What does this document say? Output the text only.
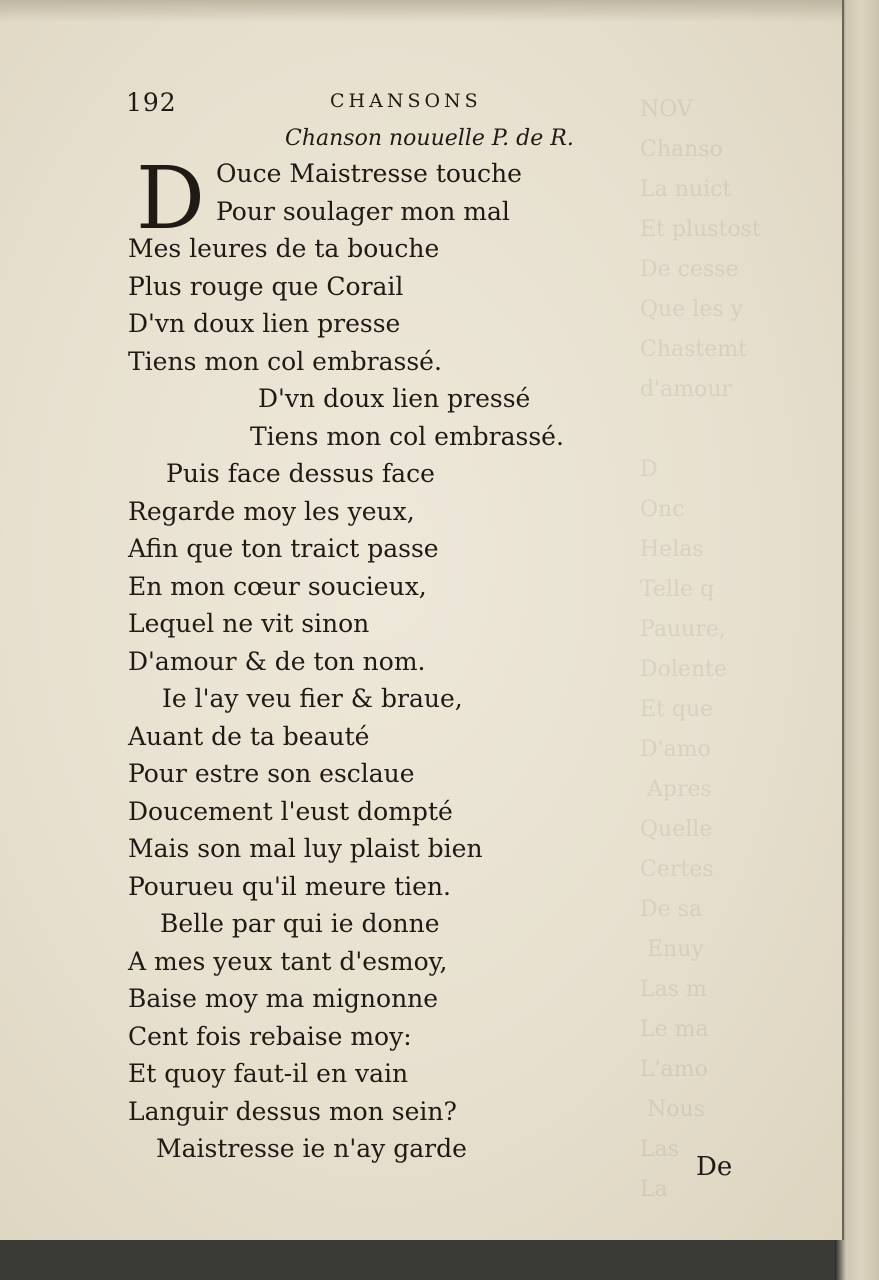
NOV
Chanso
La nuict
Et plustost
De cesse
Que les y
Chastemt
d'amour

D
Onc
Helas
Telle q
Pauure,
Dolente
Et que
D'amo
Apres
Quelle
Certes
De sa
Enuy
Las m
Le ma
L'amo
Nous
Las
La
192	CHANSONS
Chanson nouuelle P. de R.
D Ouce Maistresse touche
Pour soulager mon mal
Mes leures de ta bouche
Plus rouge que Corail
D'vn doux lien presse
Tiens mon col embrassé.
D'vn doux lien pressé
Tiens mon col embrassé.
Puis face dessus face
Regarde moy les yeux,
Afin que ton traict passe
En mon cœur soucieux,
Lequel ne vit sinon
D'amour & de ton nom.
Ie l'ay veu fier & braue,
Auant de ta beauté
Pour estre son esclaue
Doucement l'eust dompté
Mais son mal luy plaist bien
Pourueu qu'il meure tien.
Belle par qui ie donne
A mes yeux tant d'esmoy,
Baise moy ma mignonne
Cent fois rebaise moy:
Et quoy faut-il en vain
Languir dessus mon sein?
Maistresse ie n'ay garde
De
